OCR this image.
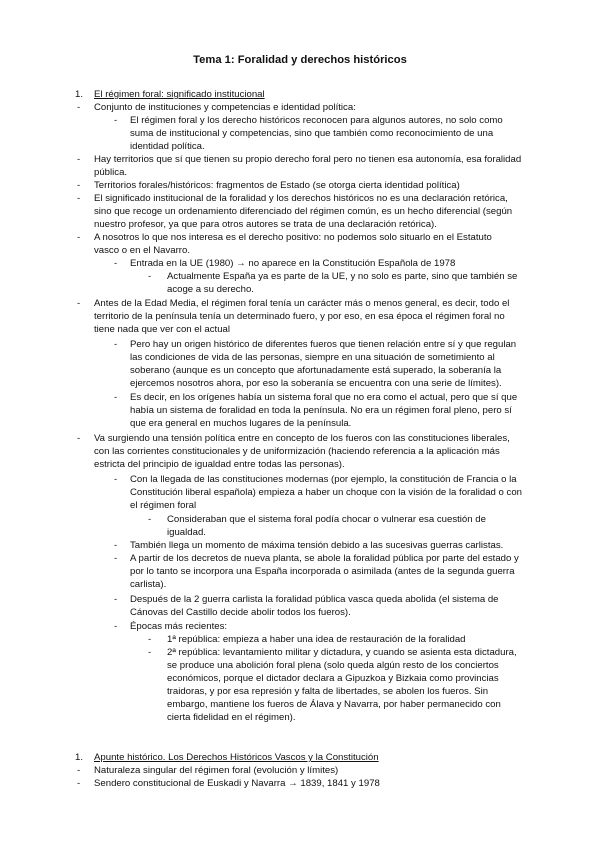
Tema 1: Foralidad y derechos históricos
1. El régimen foral: significado institucional
- Conjunto de instituciones y competencias e identidad política:
- El régimen foral y los derecho históricos reconocen para algunos autores, no solo como
suma de institucional y competencias, sino que también como reconocimiento de una
identidad política.
- Hay territorios que sí que tienen su propio derecho foral pero no tienen esa autonomía, esa foralidad
pública.
- Territorios forales/históricos: fragmentos de Estado (se otorga cierta identidad política)
- El significado institucional de la foralidad y los derechos históricos no es una declaración retórica,
sino que recoge un ordenamiento diferenciado del régimen común, es un hecho diferencial (según
nuestro profesor, ya que para otros autores se trata de una declaración retórica).
- A nosotros lo que nos interesa es el derecho positivo: no podemos solo situarlo en el Estatuto
vasco o en el Navarro.
- Entrada en la UE (1980) → no aparece en la Constitución Española de 1978
- Actualmente España ya es parte de la UE, y no solo es parte, sino que también se
acoge a su derecho.
- Antes de la Edad Media, el régimen foral tenía un carácter más o menos general, es decir, todo el
territorio de la península tenía un determinado fuero, y por eso, en esa época el régimen foral no
tiene nada que ver con el actual
- Pero hay un origen histórico de diferentes fueros que tienen relación entre sí y que regulan
las condiciones de vida de las personas, siempre en una situación de sometimiento al
soberano (aunque es un concepto que afortunadamente está superado, la soberanía la
ejercemos nosotros ahora, por eso la soberanía se encuentra con una serie de límites).
- Es decir, en los orígenes había un sistema foral que no era como el actual, pero que sí que
había un sistema de foralidad en toda la península. No era un régimen foral pleno, pero sí
que era general en muchos lugares de la península.
- Va surgiendo una tensión política entre en concepto de los fueros con las constituciones liberales,
con las corrientes constitucionales y de uniformización (haciendo referencia a la aplicación más
estricta del principio de igualdad entre todas las personas).
- Con la llegada de las constituciones modernas (por ejemplo, la constitución de Francia o la
Constitución liberal española) empieza a haber un choque con la visión de la foralidad o con
el régimen foral
- Consideraban que el sistema foral podía chocar o vulnerar esa cuestión de
igualdad.
- También llega un momento de máxima tensión debido a las sucesivas guerras carlistas.
- A partir de los decretos de nueva planta, se abole la foralidad pública por parte del estado y
por lo tanto se incorpora una España incorporada o asimilada (antes de la segunda guerra
carlista).
- Después de la 2 guerra carlista la foralidad pública vasca queda abolida (el sistema de
Cánovas del Castillo decide abolir todos los fueros).
- Épocas más recientes:
- 1ª república: empieza a haber una idea de restauración de la foralidad
- 2ª república: levantamiento militar y dictadura, y cuando se asienta esta dictadura,
se produce una abolición foral plena (solo queda algún resto de los conciertos
económicos, porque el dictador declara a Gipuzkoa y Bizkaia como provincias
traidoras, y por esa represión y falta de libertades, se abolen los fueros. Sin
embargo, mantiene los fueros de Álava y Navarra, por haber permanecido con
cierta fidelidad en el régimen).
1. Apunte histórico. Los Derechos Históricos Vascos y la Constitución
- Naturaleza singular del régimen foral (evolución y límites)
- Sendero constitucional de Euskadi y Navarra → 1839, 1841 y 1978
